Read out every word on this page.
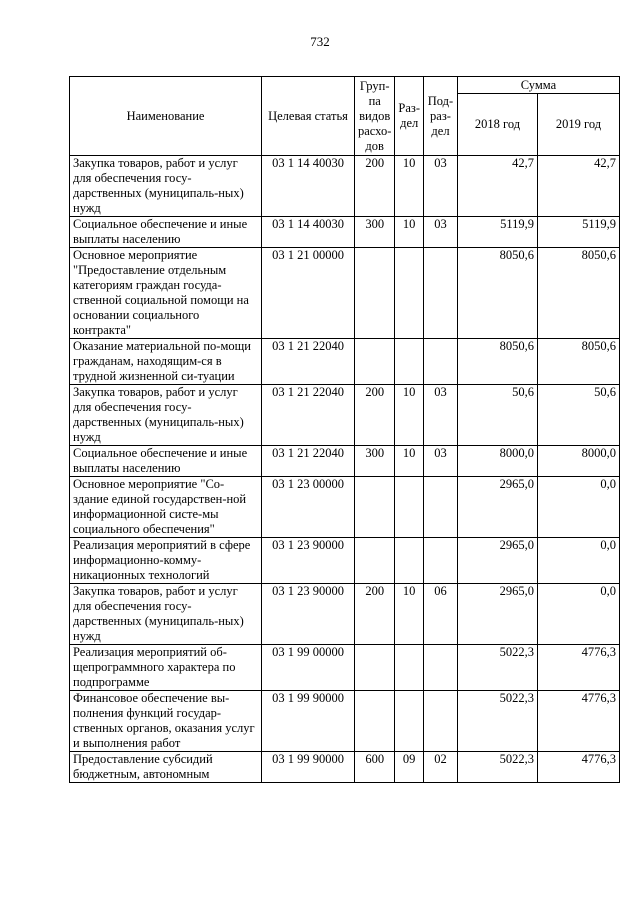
732
Наименование	Целевая статья	Груп-па видов расхо-дов	Раз-дел	Под-раз-дел	Сумма	
					2018 год	2019 год
Закупка товаров, работ и услуг для обеспечения госу-дарственных (муниципаль-ных) нужд	03 1 14 40030	200	10	03	42,7	42,7
Социальное обеспечение и иные выплаты населению	03 1 14 40030	300	10	03	5119,9	5119,9
Основное мероприятие "Предоставление отдельным категориям граждан госуда-ственной социальной помощи на основании социального контракта"	03 1 21 00000				8050,6	8050,6
Оказание материальной по-мощи гражданам, находящим-ся в трудной жизненной си-туации	03 1 21 22040				8050,6	8050,6
Закупка товаров, работ и услуг для обеспечения госу-дарственных (муниципаль-ных) нужд	03 1 21 22040	200	10	03	50,6	50,6
Социальное обеспечение и иные выплаты населению	03 1 21 22040	300	10	03	8000,0	8000,0
Основное мероприятие "Со-здание единой государствен-ной информационной систе-мы социального обеспечения"	03 1 23 00000				2965,0	0,0
Реализация мероприятий в сфере информационно-комму-никационных технологий	03 1 23 90000				2965,0	0,0
Закупка товаров, работ и услуг для обеспечения госу-дарственных (муниципаль-ных) нужд	03 1 23 90000	200	10	06	2965,0	0,0
Реализация мероприятий об-щепрограммного характера по подпрограмме	03 1 99 00000				5022,3	4776,3
Финансовое обеспечение вы-полнения функций государ-ственных органов, оказания услуг и выполнения работ	03 1 99 90000				5022,3	4776,3
Предоставление субсидий бюджетным, автономным	03 1 99 90000	600	09	02	5022,3	4776,3
